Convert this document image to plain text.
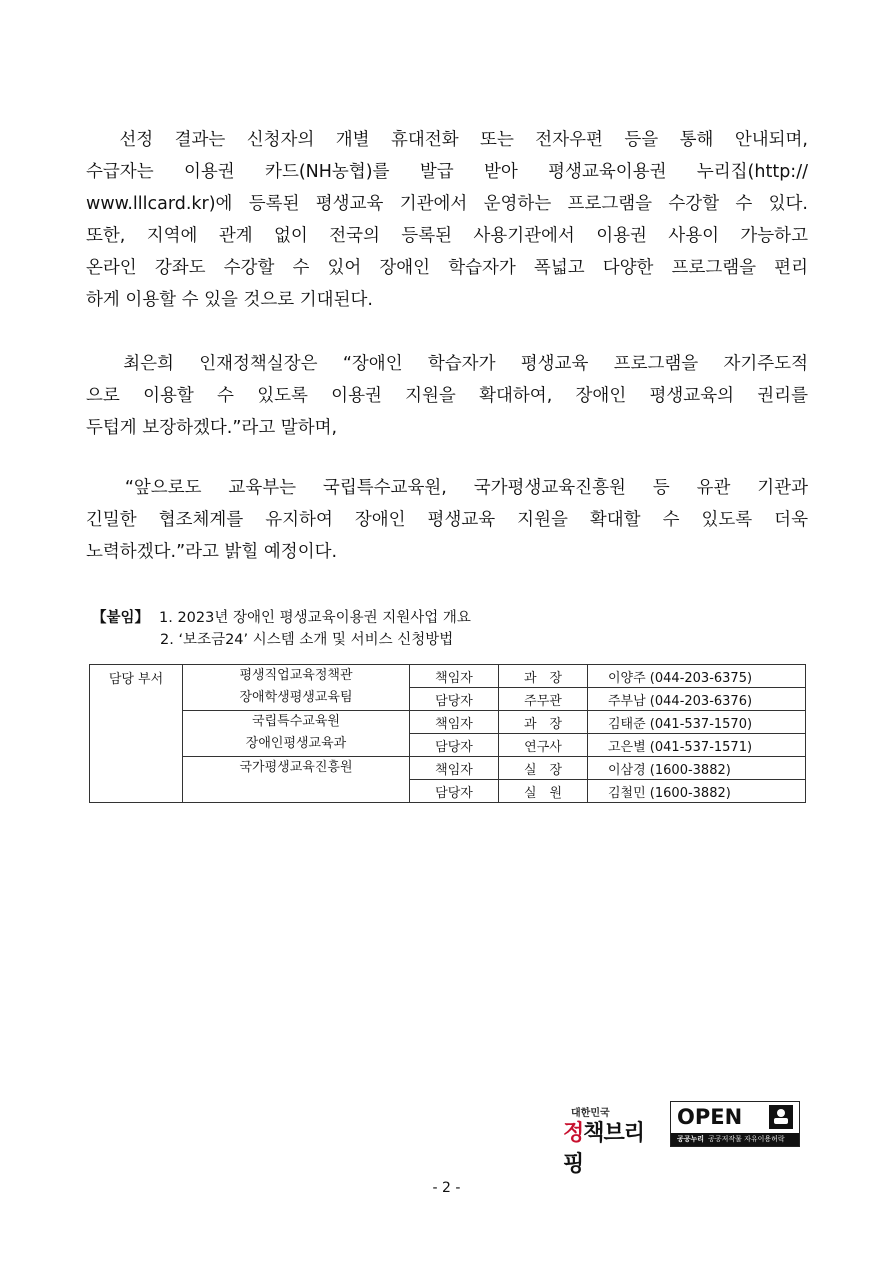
　선정 결과는 신청자의 개별 휴대전화 또는 전자우편 등을 통해 안내되며,
수급자는 이용권 카드(NH농협)를 발급 받아 평생교육이용권 누리집(http://
www.lllcard.kr)에 등록된 평생교육 기관에서 운영하는 프로그램을 수강할 수 있다.
또한, 지역에 관계 없이 전국의 등록된 사용기관에서 이용권 사용이 가능하고
온라인 강좌도 수강할 수 있어 장애인 학습자가 폭넓고 다양한 프로그램을 편리
하게 이용할 수 있을 것으로 기대된다.
　최은희 인재정책실장은 “장애인 학습자가 평생교육 프로그램을 자기주도적
으로 이용할 수 있도록 이용권 지원을 확대하여, 장애인 평생교육의 권리를
두텁게 보장하겠다.”라고 말하며,
　“앞으로도 교육부는 국립특수교육원, 국가평생교육진흥원 등 유관 기관과
긴밀한 협조체계를 유지하여 장애인 평생교육 지원을 확대할 수 있도록 더욱
노력하겠다.”라고 밝힐 예정이다.
【붙임】 1. 2023년 장애인 평생교육이용권 지원사업 개요
2. ‘보조금24’ 시스템 소개 및 서비스 신청방법
담당 부서	평생직업교육정책관
장애학생평생교육팀	책임자	과　장	이양주 (044-203-6375)
		담당자	주무관	주부남 (044-203-6376)
	국립특수교육원
장애인평생교육과	책임자	과　장	김태준 (041-537-1570)
		담당자	연구사	고은별 (041-537-1571)
	국가평생교육진흥원	책임자	실　장	이삼경 (1600-3882)
		담당자	실　원	김철민 (1600-3882)
대한민국
정책브리핑
OPEN
공공누리 공공저작물 자유이용허락
- 2 -
